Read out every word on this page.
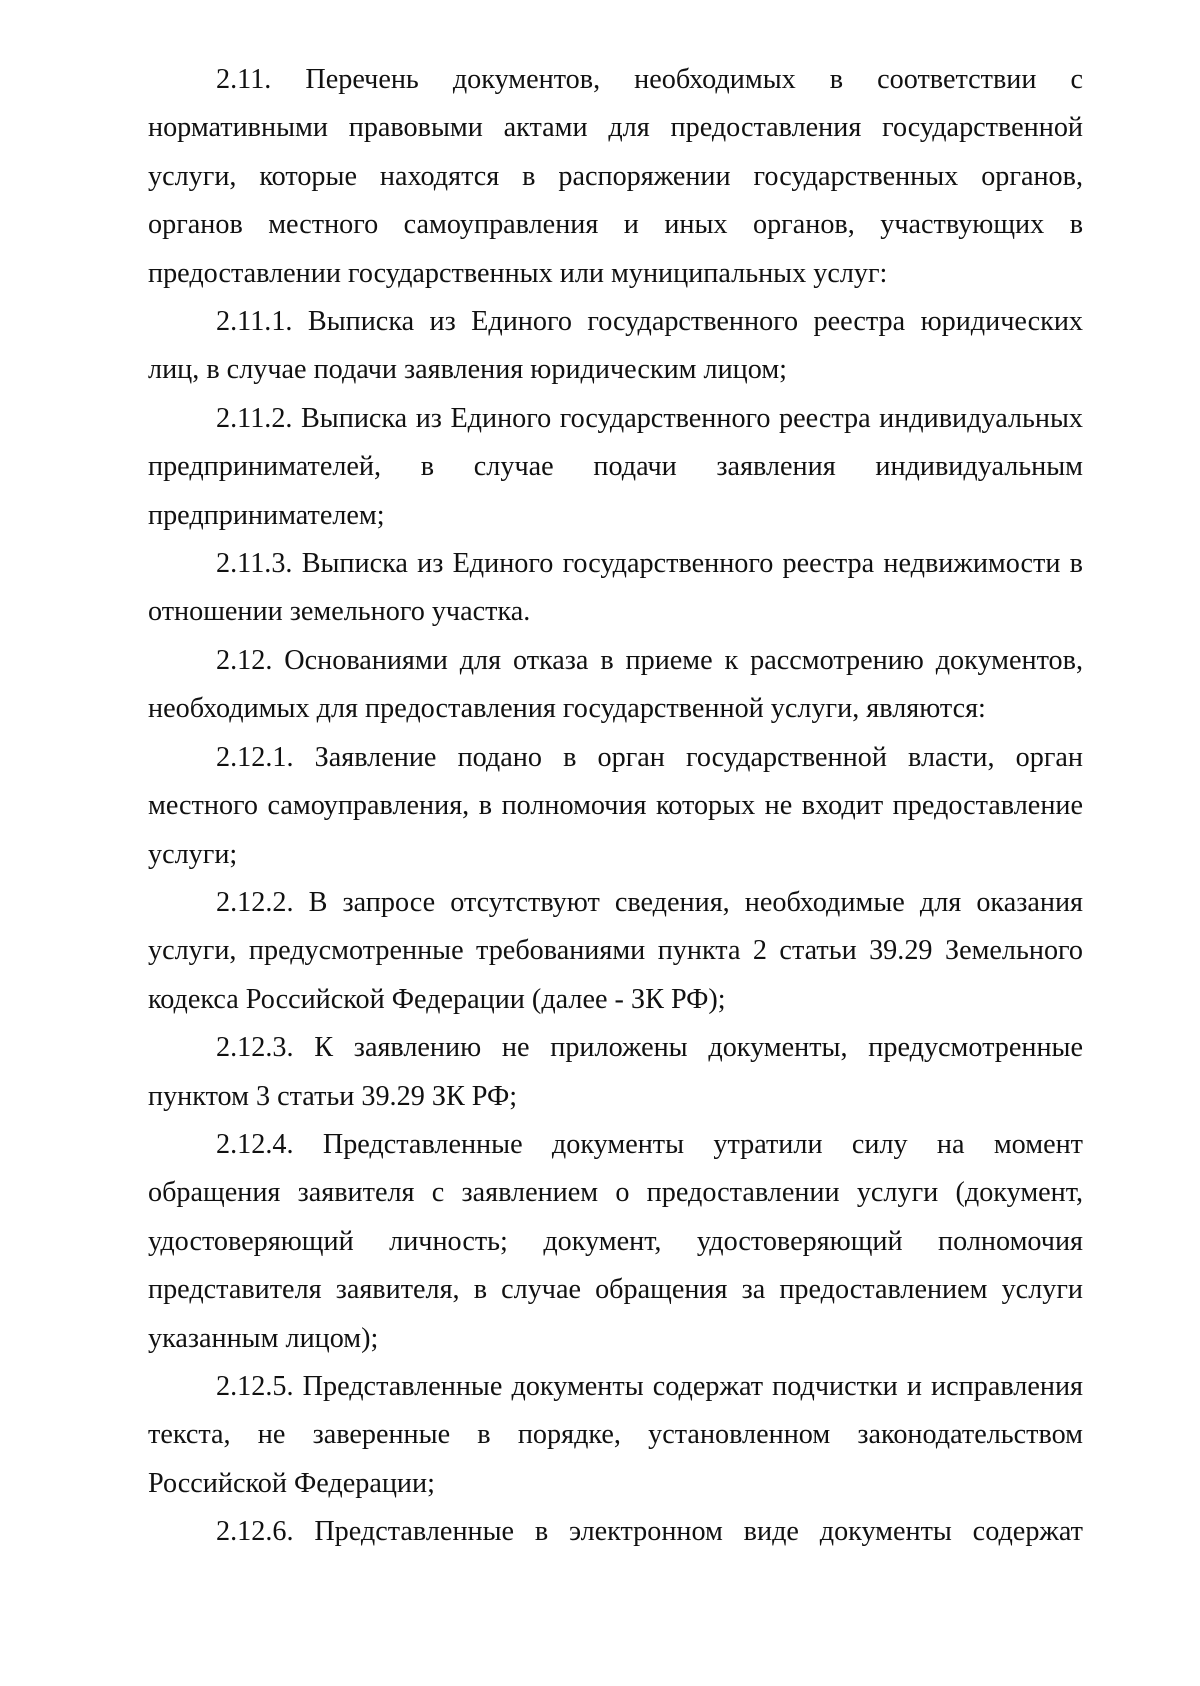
2.11. Перечень документов, необходимых в соответствии с нормативными правовыми актами для предоставления государственной услуги, которые находятся в распоряжении государственных органов, органов местного самоуправления и иных органов, участвующих в предоставлении государственных или муниципальных услуг:

2.11.1. Выписка из Единого государственного реестра юридических лиц, в случае подачи заявления юридическим лицом;

2.11.2. Выписка из Единого государственного реестра индивидуальных предпринимателей, в случае подачи заявления индивидуальным предпринимателем;

2.11.3. Выписка из Единого государственного реестра недвижимости в отношении земельного участка.

2.12. Основаниями для отказа в приеме к рассмотрению документов, необходимых для предоставления государственной услуги, являются:

2.12.1. Заявление подано в орган государственной власти, орган местного самоуправления, в полномочия которых не входит предоставление услуги;

2.12.2. В запросе отсутствуют сведения, необходимые для оказания услуги, предусмотренные требованиями пункта 2 статьи 39.29 Земельного кодекса Российской Федерации (далее - ЗК РФ);

2.12.3. К заявлению не приложены документы, предусмотренные пунктом 3 статьи 39.29 ЗК РФ;

2.12.4. Представленные документы утратили силу на момент обращения заявителя с заявлением о предоставлении услуги (документ, удостоверяющий личность; документ, удостоверяющий полномочия представителя заявителя, в случае обращения за предоставлением услуги указанным лицом);

2.12.5. Представленные документы содержат подчистки и исправления текста, не заверенные в порядке, установленном законодательством Российской Федерации;

2.12.6. Представленные в электронном виде документы содержат
